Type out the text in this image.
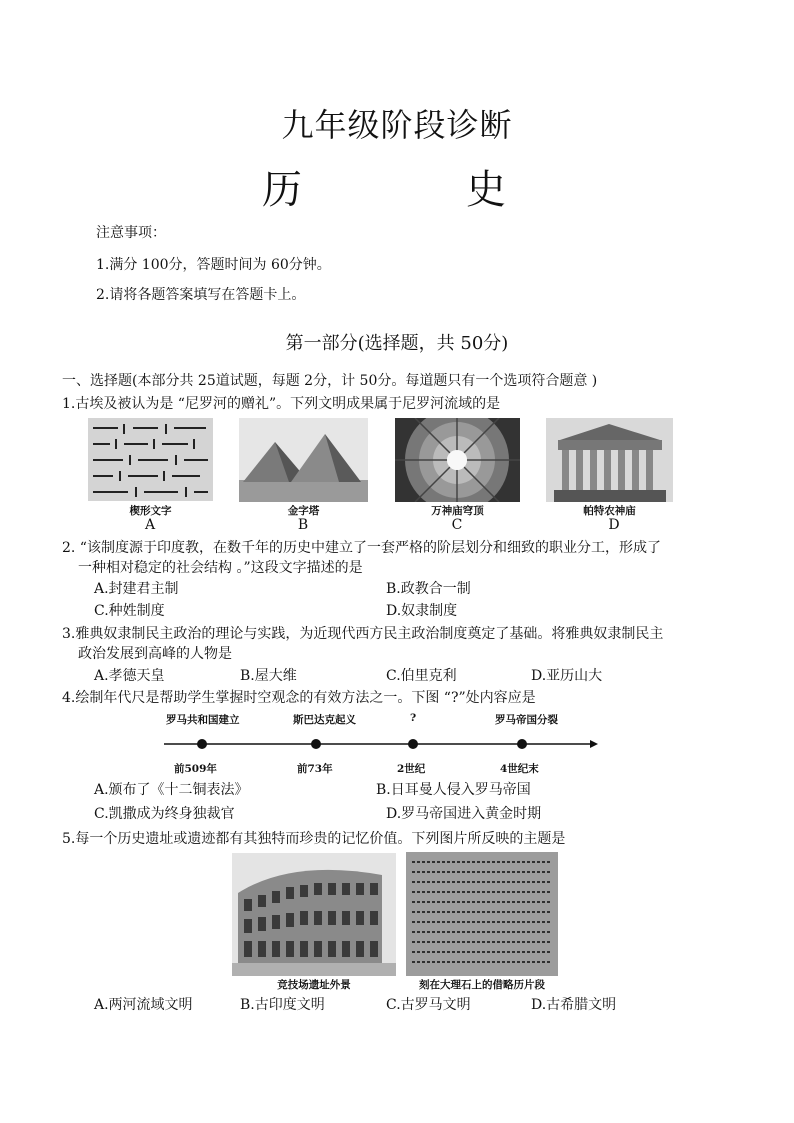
九年级阶段诊断
历　史
注意事项：
1.满分 100分，答题时间为 60分钟。
2.请将各题答案填写在答题卡上。
第一部分(选择题，共 50分)
一、选择题(本部分共 25道试题，每题 2分，计 50分。每道题只有一个选项符合题意 )
1.古埃及被认为是 “尼罗河的赠礼”。下列文明成果属于尼罗河流域的是
楔形文字	金字塔	万神庙穹顶	帕特农神庙
A	B	C	D
2. “该制度源于印度教，在数千年的历史中建立了一套严格的阶层划分和细致的职业分工，形成了
一种相对稳定的社会结构 。”这段文字描述的是
A.封建君主制	B.政教合一制
C.种姓制度	D.奴隶制度
3.雅典奴隶制民主政治的理论与实践，为近现代西方民主政治制度奠定了基础。将雅典奴隶制民主
政治发展到高峰的人物是
A.孝德天皇	B.屋大维	C.伯里克利	D.亚历山大
4.绘制年代尺是帮助学生掌握时空观念的有效方法之一。下图 “?”处内容应是
罗马共和国建立	斯巴达克起义	?	罗马帝国分裂
前509年	前73年	2世纪	4世纪末
A.颁布了《十二铜表法》	B.日耳曼人侵入罗马帝国
C.凯撒成为终身独裁官	D.罗马帝国进入黄金时期
5.每一个历史遗址或遗迹都有其独特而珍贵的记忆价值。下列图片所反映的主题是
竞技场遗址外景	刻在大理石上的借略历片段
A.两河流域文明	B.古印度文明	C.古罗马文明	D.古希腊文明
